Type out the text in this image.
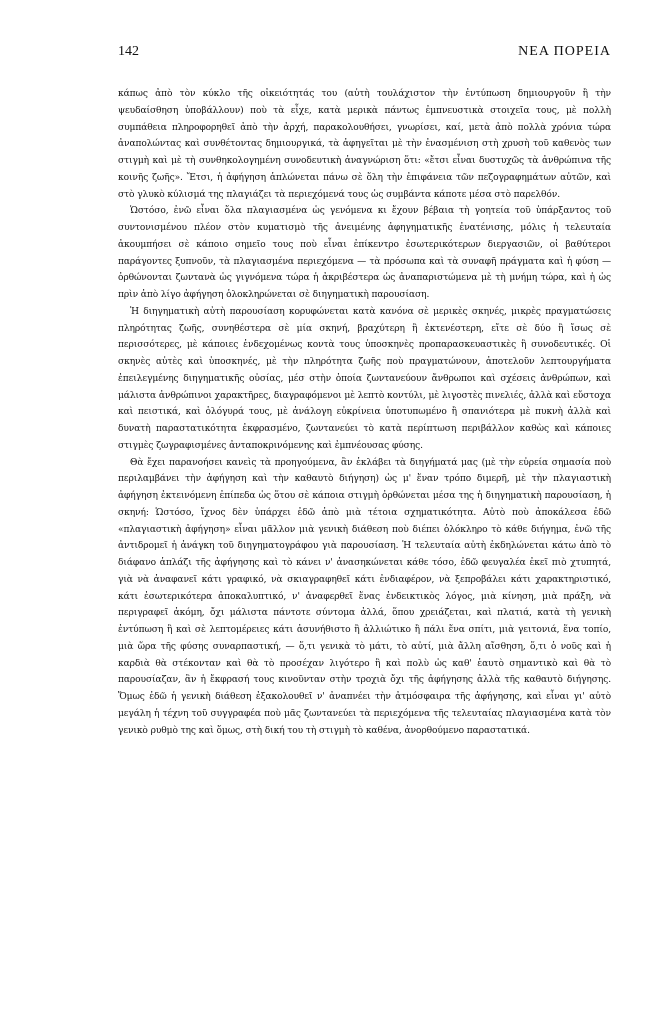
142	ΝΕΑ ΠΟΡΕΙΑ

κάπως ἀπὸ τὸν κύκλο τῆς οἰκειότητάς του (αὐτὴ τουλάχιστον τὴν ἐντύπωση δημιουργοῦν ἢ τὴν ψευδαίσθηση ὑποβάλλουν) ποὺ τὰ εἶχε, κατὰ μερικὰ πάντως ἐμπνευστικὰ στοιχεῖα τους, μὲ πολλὴ συμπάθεια πληροφορηθεῖ ἀπὸ τὴν ἀρχή, παρακολουθήσει, γνωρίσει, καί, μετὰ ἀπὸ πολλὰ χρόνια τώρα ἀναπολώντας καὶ συνθέτοντας δημιουργικά, τὰ ἀφηγεῖται μὲ τὴν ἐνασμένιση στὴ χρυσὴ τοῦ καθενὸς των στιγμὴ καὶ μὲ τὴ συνθηκολογημένη συνοδευτικὴ ἀναγνώριση ὅτι: «ἔτσι εἶναι δυστυχῶς τὰ ἀνθρώπινα τῆς κοινῆς ζωῆς». Ἔτσι, ἡ ἀφήγηση ἁπλώνεται πάνω σὲ ὅλη τὴν ἐπιφάνεια τῶν πεζογραφημάτων αὐτῶν, καὶ στὸ γλυκὸ κύλισμά της πλαγιάζει τὰ περιεχόμενά τους ὡς συμβάντα κάποτε μέσα στὸ παρελθόν.

Ὡστόσο, ἐνῶ εἶναι ὅλα πλαγιασμένα ὡς γενόμενα κι ἔχουν βέβαια τὴ γοητεία τοῦ ὑπάρξαντος τοῦ συντονισμένου πλέον στὸν κυματισμὸ τῆς ἀνειμένης ἀφηγηματικῆς ἐνατένισης, μόλις ἡ τελευταία ἀκουμπήσει σὲ κάποιο σημεῖο τους ποὺ εἶναι ἐπίκεντρο ἐσωτερικότερων διεργασιῶν, οἱ βαθύτεροι παράγοντες ξυπνοῦν, τὰ πλαγιασμένα περιεχόμενα — τὰ πρόσωπα καὶ τὰ συναφῆ πράγματα καὶ ἡ φύση — ὀρθώνονται ζωντανὰ ὡς γιγνόμενα τώρα ἡ ἀκριβέστερα ὡς ἀναπαριστώμενα μὲ τὴ μνήμη τώρα, καὶ ἡ ὡς πρὶν ἀπὸ λίγο ἀφήγηση ὁλοκληρώνεται σὲ διηγηματικὴ παρουσίαση.

Ἡ διηγηματικὴ αὐτὴ παρουσίαση κορυφώνεται κατὰ κανόνα σὲ μερικὲς σκηνές, μικρὲς πραγματώσεις πληρότητας ζωῆς, συνηθέστερα σὲ μία σκηνή, βραχύτερη ἢ ἐκτενέστερη, εἴτε σὲ δύο ἢ ἴσως σὲ περισσότερες, μὲ κάποιες ἐνδεχομένως κοντὰ τους ὑποσκηνὲς προπαρασκευαστικὲς ἢ συνοδευτικές. Οἱ σκηνὲς αὐτὲς καὶ ὑποσκηνές, μὲ τὴν πληρότητα ζωῆς ποὺ πραγματώνουν, ἀποτελοῦν λεπτουργήματα ἐπειλεγμένης διηγηματικῆς οὐσίας, μέσ στὴν ὁποία ζωντανεύουν ἄνθρωποι καὶ σχέσεις ἀνθρώπων, καὶ μάλιστα ἀνθρώπινοι χαρακτῆρες, διαγραφόμενοι μὲ λεπτὸ κοντύλι, μὲ λιγοστὲς πινελιές, ἀλλὰ καὶ εὔστοχα καὶ πειστικά, καὶ ὁλόγυρά τους, μὲ ἀνάλογη εὐκρίνεια ὑποτυπωμένο ἢ σπανιότερα μὲ πυκνὴ ἀλλὰ καὶ δυνατὴ παραστατικότητα ἐκφρασμένο, ζωντανεύει τὸ κατὰ περίπτωση περιβάλλον καθὼς καὶ κάποιες στιγμὲς ζωγραφισμένες ἀνταποκρινόμενης καὶ ἐμπνέουσας φύσης.

Θὰ ἔχει παρανοήσει κανεὶς τὰ προηγούμενα, ἂν ἐκλάβει τὰ διηγήματά μας (μὲ τὴν εὐρεία σημασία ποὺ περιλαμβάνει τὴν ἀφήγηση καὶ τὴν καθαυτὸ διήγηση) ὡς μ' ἕναν τρόπο διμερῆ, μὲ τὴν πλαγιαστικὴ ἀφήγηση ἐκτεινόμενη ἐπίπεδα ὡς ὅτου σὲ κάποια στιγμὴ ὀρθώνεται μέσα της ἡ διηγηματικὴ παρουσίαση, ἡ σκηνή: Ὡστόσο, ἴχνος δὲν ὑπάρχει ἐδῶ ἀπὸ μιὰ τέτοια σχηματικότητα. Αὐτὸ ποὺ ἀποκάλεσα ἐδῶ «πλαγιαστικὴ ἀφήγηση» εἶναι μᾶλλον μιὰ γενικὴ διάθεση ποὺ διέπει ὁλόκληρο τὸ κάθε διήγημα, ἐνῶ τῆς ἀντιδρομεῖ ἡ ἀνάγκη τοῦ διηγηματογράφου γιὰ παρουσίαση. Ἡ τελευταία αὐτὴ ἐκδηλώνεται κάτω ἀπὸ τὸ διάφανο ἁπλάζι τῆς ἀφήγησης καὶ τὸ κάνει ν' ἀνασηκώνεται κάθε τόσο, ἐδῶ φευγαλέα ἐκεῖ πιὸ χτυπητά, γιὰ νὰ ἀναφανεῖ κάτι γραφικό, νὰ σκιαγραφηθεῖ κάτι ἐνδιαφέρον, νὰ ξεπροβάλει κάτι χαρακτηριστικό, κάτι ἐσωτερικότερα ἀποκαλυπτικό, ν' ἀναφερθεῖ ἕνας ἐνδεικτικὸς λόγος, μιὰ κίνηση, μιὰ πράξη, νὰ περιγραφεῖ ἀκόμη, ὄχι μάλιστα πάντοτε σύντομα ἀλλά, ὅπου χρειάζεται, καὶ πλατιά, κατὰ τὴ γενικὴ ἐντύπωση ἢ καὶ σὲ λεπτομέρειες κάτι ἀσυνήθιστο ἢ ἀλλιώτικο ἢ πάλι ἕνα σπίτι, μιὰ γειτονιά, ἕνα τοπίο, μιὰ ὥρα τῆς φύσης συναρπαστική, — ὅ,τι γενικὰ τὸ μάτι, τὸ αὐτί, μιὰ ἄλλη αἴσθηση, ὅ,τι ὁ νοῦς καὶ ἡ καρδιὰ θὰ στέκονταν καὶ θὰ τὸ προσέχαν λιγότερο ἢ καὶ πολὺ ὡς καθ' ἑαυτὸ σημαντικὸ καὶ θὰ τὸ παρουσίαζαν, ἂν ἡ ἔκφρασή τους κινοῦνταν στὴν τροχιὰ ὄχι τῆς ἀφήγησης ἀλλὰ τῆς καθαυτὸ διήγησης. Ὅμως ἐδῶ ἡ γενικὴ διάθεση ἐξακολουθεῖ ν' ἀναπνέει τὴν ἀτμόσφαιρα τῆς ἀφήγησης, καὶ εἶναι γι' αὐτὸ μεγάλη ἡ τέχνη τοῦ συγγραφέα ποὺ μᾶς ζωντανεύει τὰ περιεχόμενα τῆς τελευταίας πλαγιασμένα κατὰ τὸν γενικὸ ρυθμὸ της καὶ ὅμως, στὴ δική του τὴ στιγμὴ τὸ καθένα, ἀνορθούμενο παραστατικά.
